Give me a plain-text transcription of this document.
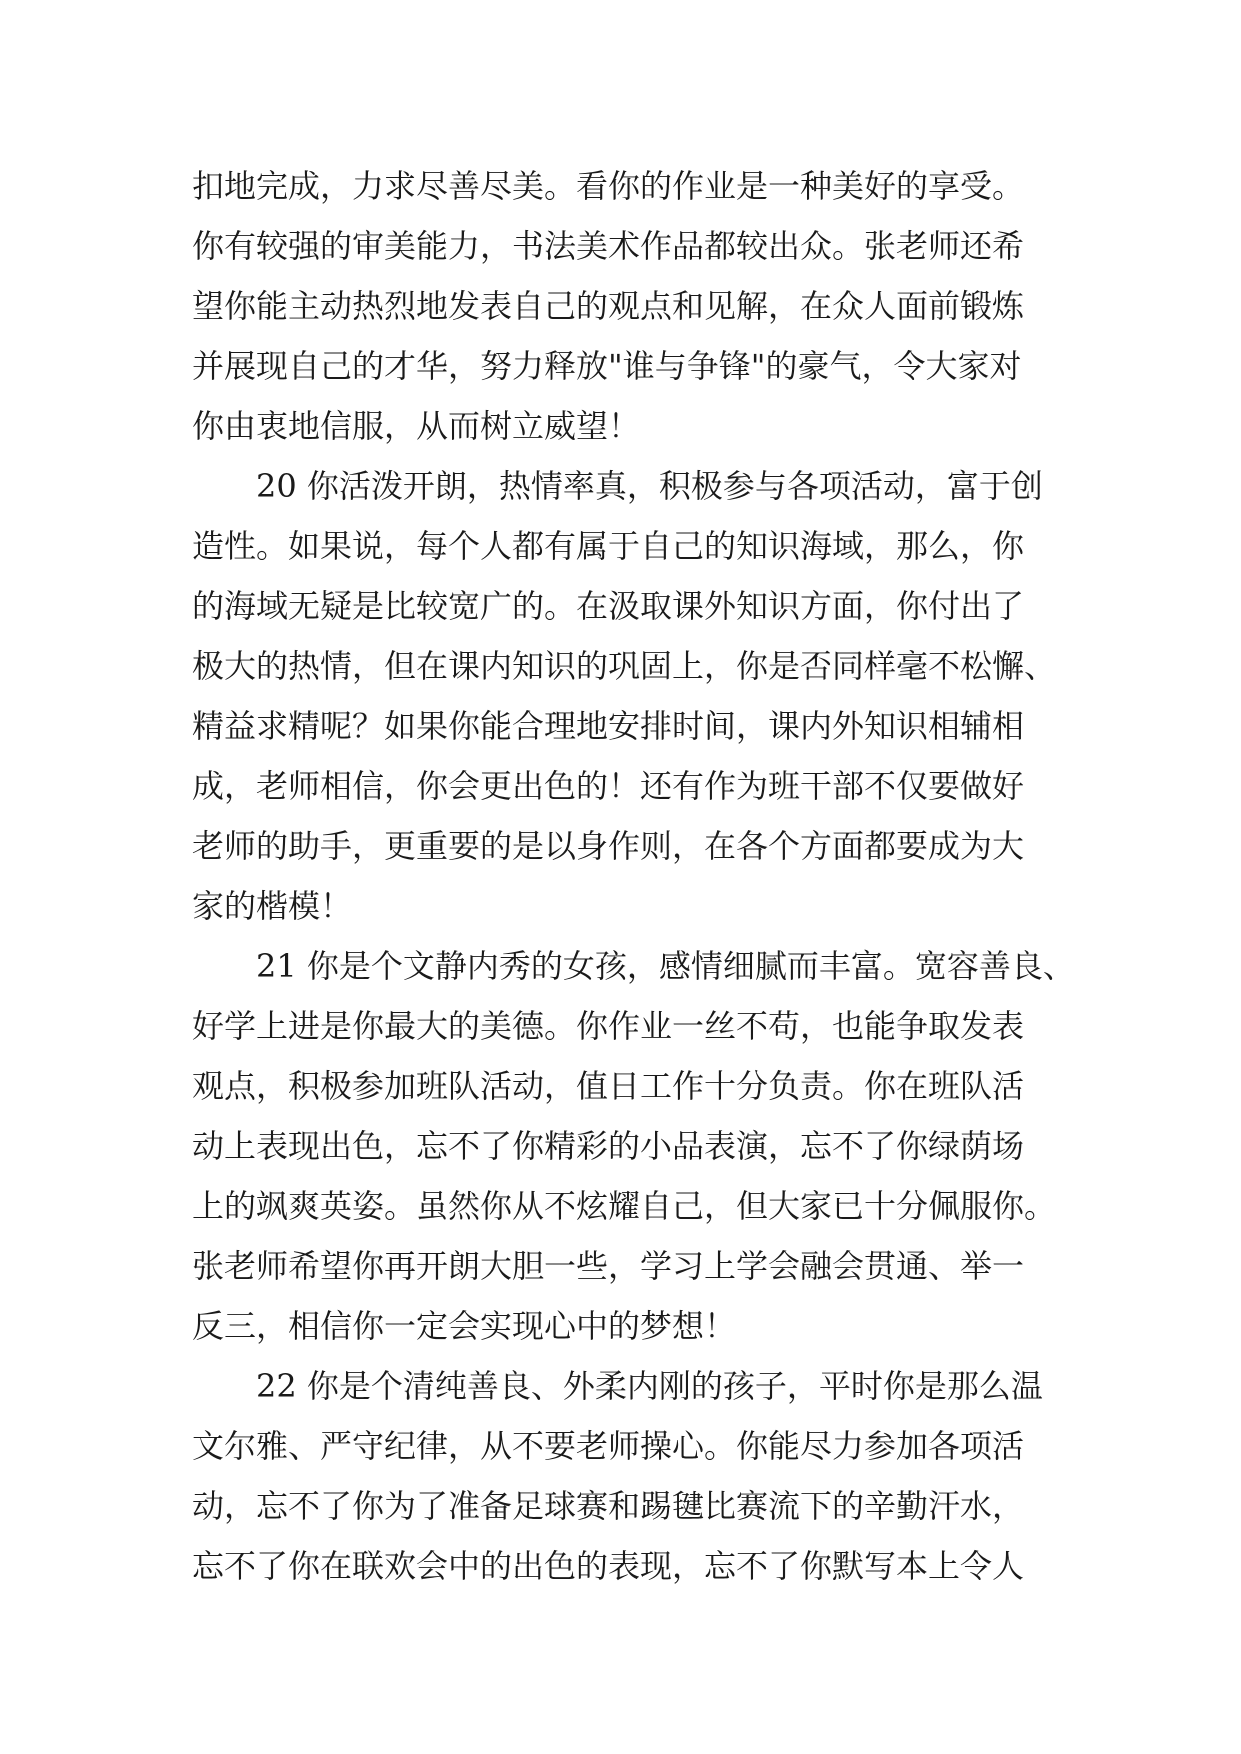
扣地完成，力求尽善尽美。看你的作业是一种美好的享受。
你有较强的审美能力，书法美术作品都较出众。张老师还希
望你能主动热烈地发表自己的观点和见解，在众人面前锻炼
并展现自己的才华，努力释放"谁与争锋"的豪气，令大家对
你由衷地信服，从而树立威望！
20 你活泼开朗，热情率真，积极参与各项活动，富于创
造性。如果说，每个人都有属于自己的知识海域，那么，你
的海域无疑是比较宽广的。在汲取课外知识方面，你付出了
极大的热情，但在课内知识的巩固上，你是否同样毫不松懈、
精益求精呢？如果你能合理地安排时间，课内外知识相辅相
成，老师相信，你会更出色的！还有作为班干部不仅要做好
老师的助手，更重要的是以身作则，在各个方面都要成为大
家的楷模！
21 你是个文静内秀的女孩，感情细腻而丰富。宽容善良、
好学上进是你最大的美德。你作业一丝不苟，也能争取发表
观点，积极参加班队活动，值日工作十分负责。你在班队活
动上表现出色，忘不了你精彩的小品表演，忘不了你绿荫场
上的飒爽英姿。虽然你从不炫耀自己，但大家已十分佩服你。
张老师希望你再开朗大胆一些，学习上学会融会贯通、举一
反三，相信你一定会实现心中的梦想！
22 你是个清纯善良、外柔内刚的孩子，平时你是那么温
文尔雅、严守纪律，从不要老师操心。你能尽力参加各项活
动，忘不了你为了准备足球赛和踢毽比赛流下的辛勤汗水，
忘不了你在联欢会中的出色的表现，忘不了你默写本上令人
